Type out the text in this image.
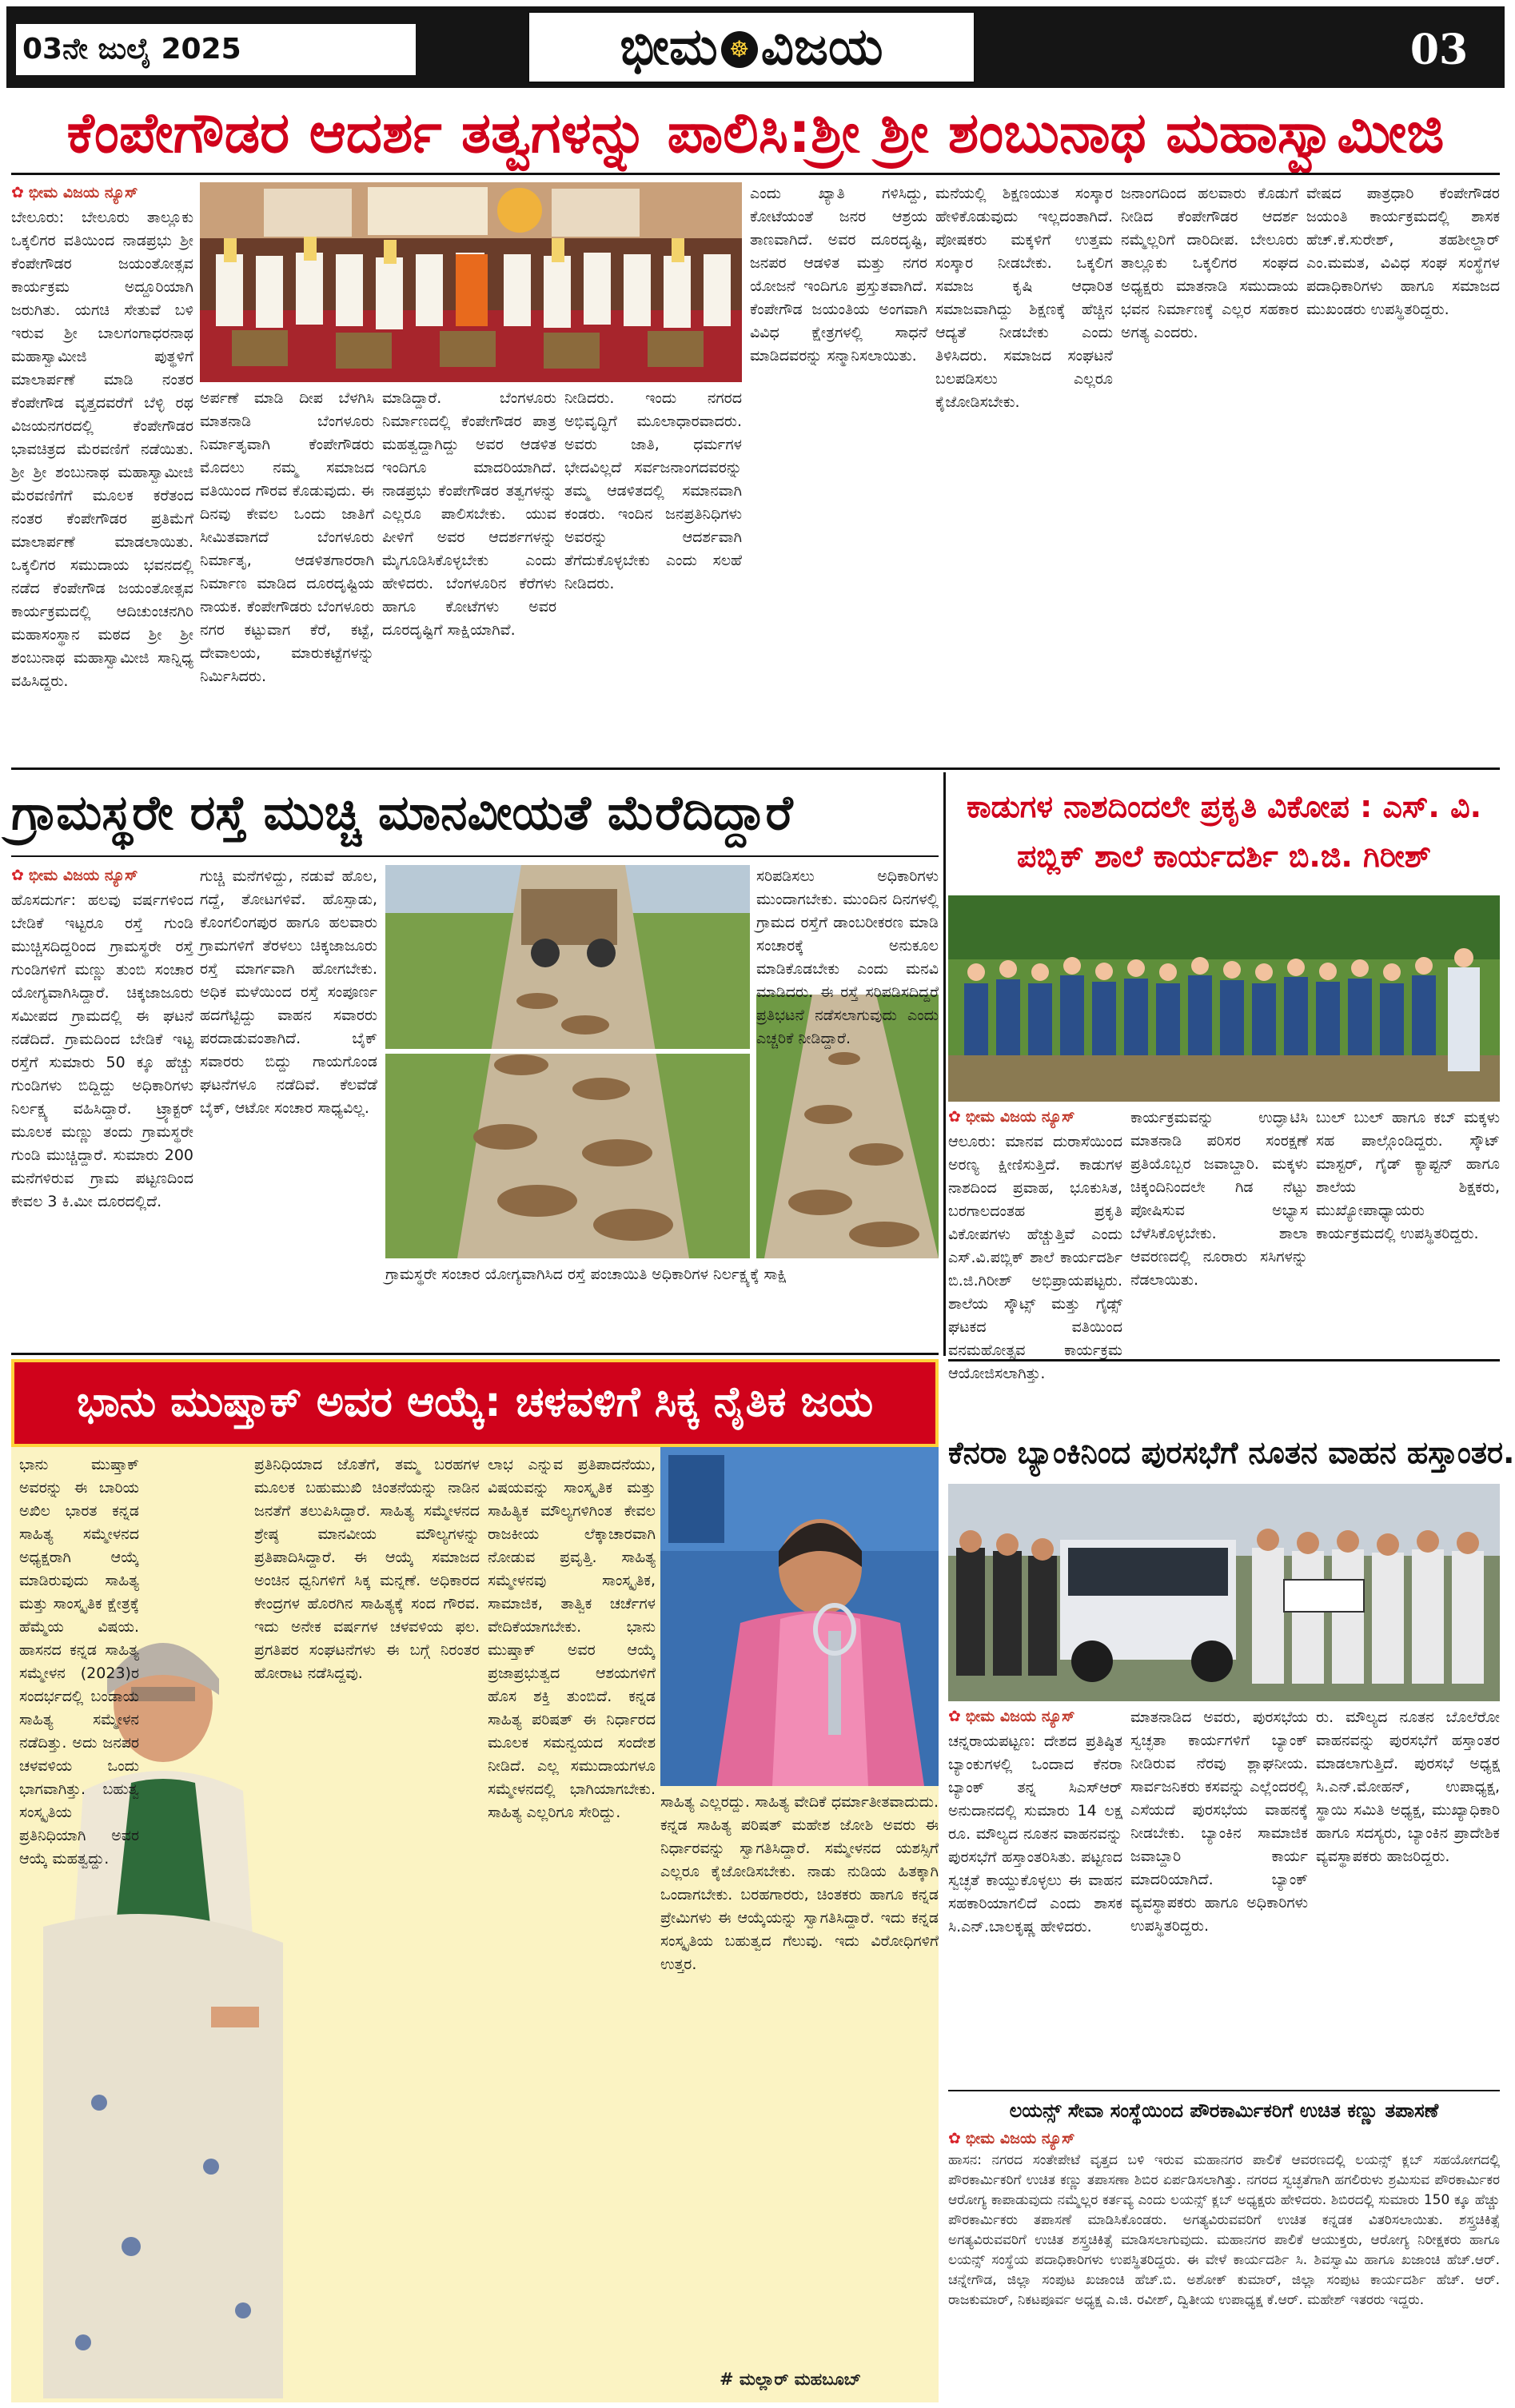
03ನೇ ಜುಲೈ 2025	ಭೀಮ ☸ ವಿಜಯ	03
ಕೆಂಪೇಗೌಡರ ಆದರ್ಶ ತತ್ವಗಳನ್ನು ಪಾಲಿಸಿ:ಶ್ರೀ ಶ್ರೀ ಶಂಬುನಾಥ ಮಹಾಸ್ವಾಮೀಜಿ
✿ ಭೀಮ ವಿಜಯ ನ್ಯೂಸ್
ಬೇಲೂರು: ಬೇಲೂರು ತಾಲ್ಲೂಕು ಒಕ್ಕಲಿಗರ ವತಿಯಿಂದ ನಾಡಪ್ರಭು ಶ್ರೀ ಕೆಂಪೇಗೌಡರ ಜಯಂತೋತ್ಸವ ಕಾರ್ಯಕ್ರಮ ಅದ್ದೂರಿಯಾಗಿ ಜರುಗಿತು. ಯಗಚಿ ಸೇತುವೆ ಬಳಿ ಇರುವ ಶ್ರೀ ಬಾಲಗಂಗಾಧರನಾಥ ಮಹಾಸ್ವಾಮೀಜಿ ಪುತ್ಥಳಿಗೆ ಮಾಲಾರ್ಪಣೆ ಮಾಡಿ ನಂತರ ಕೆಂಪೇಗೌಡ ವೃತ್ತದವರೆಗೆ ಬೆಳ್ಳಿ ರಥ ವಿಜಯನಗರದಲ್ಲಿ ಕೆಂಪೇಗೌಡರ ಭಾವಚಿತ್ರದ ಮೆರವಣಿಗೆ ನಡೆಯಿತು. ಶ್ರೀ ಶ್ರೀ ಶಂಬುನಾಥ ಮಹಾಸ್ವಾಮೀಜಿ ಮೆರವಣಿಗೆಗೆ ಮೂಲಕ ಕರೆತಂದ ನಂತರ ಕೆಂಪೇಗೌಡರ ಪ್ರತಿಮೆಗೆ ಮಾಲಾರ್ಪಣೆ ಮಾಡಲಾಯಿತು. ಒಕ್ಕಲಿಗರ ಸಮುದಾಯ ಭವನದಲ್ಲಿ ನಡೆದ ಕೆಂಪೇಗೌಡ ಜಯಂತೋತ್ಸವ ಕಾರ್ಯಕ್ರಮದಲ್ಲಿ ಆದಿಚುಂಚನಗಿರಿ ಮಹಾಸಂಸ್ಥಾನ ಮಠದ ಶ್ರೀ ಶ್ರೀ ಶಂಬುನಾಥ ಮಹಾಸ್ವಾಮೀಜಿ ಸಾನ್ನಿಧ್ಯ ವಹಿಸಿದ್ದರು.
ಅರ್ಪಣೆ ಮಾಡಿ ದೀಪ ಬೆಳಗಿಸಿ ಮಾತನಾಡಿ ಬೆಂಗಳೂರು ನಿರ್ಮಾತೃವಾಗಿ ಕೆಂಪೇಗೌಡರು ಮೊದಲು ನಮ್ಮ ಸಮಾಜದ ವತಿಯಿಂದ ಗೌರವ ಕೊಡುವುದು. ಈ ದಿನವು ಕೇವಲ ಒಂದು ಜಾತಿಗೆ ಸೀಮಿತವಾಗದೆ ಬೆಂಗಳೂರು ನಿರ್ಮಾತೃ, ಆಡಳಿತಗಾರರಾಗಿ ನಿರ್ಮಾಣ ಮಾಡಿದ ದೂರದೃಷ್ಟಿಯ ನಾಯಕ. ಕೆಂಪೇಗೌಡರು ಬೆಂಗಳೂರು ನಗರ ಕಟ್ಟುವಾಗ ಕೆರೆ, ಕಟ್ಟೆ, ದೇವಾಲಯ, ಮಾರುಕಟ್ಟೆಗಳನ್ನು ನಿರ್ಮಿಸಿದರು.
ಮಾಡಿದ್ದಾರೆ. ಬೆಂಗಳೂರು ನಿರ್ಮಾಣದಲ್ಲಿ ಕೆಂಪೇಗೌಡರ ಪಾತ್ರ ಮಹತ್ವದ್ದಾಗಿದ್ದು ಅವರ ಆಡಳಿತ ಇಂದಿಗೂ ಮಾದರಿಯಾಗಿದೆ. ನಾಡಪ್ರಭು ಕೆಂಪೇಗೌಡರ ತತ್ವಗಳನ್ನು ಎಲ್ಲರೂ ಪಾಲಿಸಬೇಕು. ಯುವ ಪೀಳಿಗೆ ಅವರ ಆದರ್ಶಗಳನ್ನು ಮೈಗೂಡಿಸಿಕೊಳ್ಳಬೇಕು ಎಂದು ಹೇಳಿದರು. ಬೆಂಗಳೂರಿನ ಕೆರೆಗಳು ಹಾಗೂ ಕೋಟೆಗಳು ಅವರ ದೂರದೃಷ್ಟಿಗೆ ಸಾಕ್ಷಿಯಾಗಿವೆ.
ನೀಡಿದರು. ಇಂದು ನಗರದ ಅಭಿವೃದ್ಧಿಗೆ ಮೂಲಾಧಾರವಾದರು. ಅವರು ಜಾತಿ, ಧರ್ಮಗಳ ಭೇದವಿಲ್ಲದೆ ಸರ್ವಜನಾಂಗದವರನ್ನು ತಮ್ಮ ಆಡಳಿತದಲ್ಲಿ ಸಮಾನವಾಗಿ ಕಂಡರು. ಇಂದಿನ ಜನಪ್ರತಿನಿಧಿಗಳು ಅವರನ್ನು ಆದರ್ಶವಾಗಿ ತೆಗೆದುಕೊಳ್ಳಬೇಕು ಎಂದು ಸಲಹೆ ನೀಡಿದರು.
ಎಂದು ಖ್ಯಾತಿ ಗಳಿಸಿದ್ದು, ಕೋಟೆಯಂತೆ ಜನರ ಆಶ್ರಯ ತಾಣವಾಗಿದೆ. ಅವರ ದೂರದೃಷ್ಟಿ, ಜನಪರ ಆಡಳಿತ ಮತ್ತು ನಗರ ಯೋಜನೆ ಇಂದಿಗೂ ಪ್ರಸ್ತುತವಾಗಿದೆ. ಕೆಂಪೇಗೌಡ ಜಯಂತಿಯ ಅಂಗವಾಗಿ ವಿವಿಧ ಕ್ಷೇತ್ರಗಳಲ್ಲಿ ಸಾಧನೆ ಮಾಡಿದವರನ್ನು ಸನ್ಮಾನಿಸಲಾಯಿತು.
ಮನೆಯಲ್ಲಿ ಶಿಕ್ಷಣಯುತ ಸಂಸ್ಕಾರ ಹೇಳಿಕೊಡುವುದು ಇಲ್ಲದಂತಾಗಿದೆ. ಪೋಷಕರು ಮಕ್ಕಳಿಗೆ ಉತ್ತಮ ಸಂಸ್ಕಾರ ನೀಡಬೇಕು. ಒಕ್ಕಲಿಗ ಸಮಾಜ ಕೃಷಿ ಆಧಾರಿತ ಸಮಾಜವಾಗಿದ್ದು ಶಿಕ್ಷಣಕ್ಕೆ ಹೆಚ್ಚಿನ ಆದ್ಯತೆ ನೀಡಬೇಕು ಎಂದು ತಿಳಿಸಿದರು. ಸಮಾಜದ ಸಂಘಟನೆ ಬಲಪಡಿಸಲು ಎಲ್ಲರೂ ಕೈಜೋಡಿಸಬೇಕು.
ಜನಾಂಗದಿಂದ ಹಲವಾರು ಕೊಡುಗೆ ನೀಡಿದ ಕೆಂಪೇಗೌಡರ ಆದರ್ಶ ನಮ್ಮೆಲ್ಲರಿಗೆ ದಾರಿದೀಪ. ಬೇಲೂರು ತಾಲ್ಲೂಕು ಒಕ್ಕಲಿಗರ ಸಂಘದ ಅಧ್ಯಕ್ಷರು ಮಾತನಾಡಿ ಸಮುದಾಯ ಭವನ ನಿರ್ಮಾಣಕ್ಕೆ ಎಲ್ಲರ ಸಹಕಾರ ಅಗತ್ಯ ಎಂದರು.
ವೇಷದ ಪಾತ್ರಧಾರಿ ಕೆಂಪೇಗೌಡರ ಜಯಂತಿ ಕಾರ್ಯಕ್ರಮದಲ್ಲಿ ಶಾಸಕ ಹೆಚ್.ಕೆ.ಸುರೇಶ್, ತಹಶೀಲ್ದಾರ್ ಎಂ.ಮಮತ, ವಿವಿಧ ಸಂಘ ಸಂಸ್ಥೆಗಳ ಪದಾಧಿಕಾರಿಗಳು ಹಾಗೂ ಸಮಾಜದ ಮುಖಂಡರು ಉಪಸ್ಥಿತರಿದ್ದರು.
ಗ್ರಾಮಸ್ಥರೇ ರಸ್ತೆ ಮುಚ್ಚಿ ಮಾನವೀಯತೆ ಮೆರೆದಿದ್ದಾರೆ
✿ ಭೀಮ ವಿಜಯ ನ್ಯೂಸ್
ಹೊಸದುರ್ಗ: ಹಲವು ವರ್ಷಗಳಿಂದ ಬೇಡಿಕೆ ಇಟ್ಟರೂ ರಸ್ತೆ ಗುಂಡಿ ಮುಚ್ಚಿಸದಿದ್ದರಿಂದ ಗ್ರಾಮಸ್ಥರೇ ರಸ್ತೆ ಗುಂಡಿಗಳಿಗೆ ಮಣ್ಣು ತುಂಬಿ ಸಂಚಾರ ಯೋಗ್ಯವಾಗಿಸಿದ್ದಾರೆ. ಚಿಕ್ಕಜಾಜೂರು ಸಮೀಪದ ಗ್ರಾಮದಲ್ಲಿ ಈ ಘಟನೆ ನಡೆದಿದೆ. ಗ್ರಾಮದಿಂದ ಬೇಡಿಕೆ ಇಟ್ಟ ರಸ್ತೆಗೆ ಸುಮಾರು 50 ಕ್ಕೂ ಹೆಚ್ಚು ಗುಂಡಿಗಳು ಬಿದ್ದಿದ್ದು ಅಧಿಕಾರಿಗಳು ನಿರ್ಲಕ್ಷ್ಯ ವಹಿಸಿದ್ದಾರೆ. ಟ್ರ್ಯಾಕ್ಟರ್ ಮೂಲಕ ಮಣ್ಣು ತಂದು ಗ್ರಾಮಸ್ಥರೇ ಗುಂಡಿ ಮುಚ್ಚಿದ್ದಾರೆ. ಸುಮಾರು 200 ಮನೆಗಳಿರುವ ಗ್ರಾಮ ಪಟ್ಟಣದಿಂದ ಕೇವಲ 3 ಕಿ.ಮೀ ದೂರದಲ್ಲಿದೆ.
ಗುಚ್ಚಿ ಮನೆಗಳಿದ್ದು, ನಡುವೆ ಹೊಲ, ಗದ್ದೆ, ತೋಟಗಳಿವೆ. ಹೊಸ್ಪಾಡು, ಕೊಂಗಲಿಂಗಪುರ ಹಾಗೂ ಹಲವಾರು ಗ್ರಾಮಗಳಿಗೆ ತೆರಳಲು ಚಿಕ್ಕಜಾಜೂರು ರಸ್ತೆ ಮಾರ್ಗವಾಗಿ ಹೋಗಬೇಕು. ಅಧಿಕ ಮಳೆಯಿಂದ ರಸ್ತೆ ಸಂಪೂರ್ಣ ಹದಗೆಟ್ಟಿದ್ದು ವಾಹನ ಸವಾರರು ಪರದಾಡುವಂತಾಗಿದೆ. ಬೈಕ್ ಸವಾರರು ಬಿದ್ದು ಗಾಯಗೊಂಡ ಘಟನೆಗಳೂ ನಡೆದಿವೆ. ಕೆಲವೆಡೆ ಬೈಕ್, ಆಟೋ ಸಂಚಾರ ಸಾಧ್ಯವಿಲ್ಲ.
ಸರಿಪಡಿಸಲು ಅಧಿಕಾರಿಗಳು ಮುಂದಾಗಬೇಕು. ಮುಂದಿನ ದಿನಗಳಲ್ಲಿ ಗ್ರಾಮದ ರಸ್ತೆಗೆ ಡಾಂಬರೀಕರಣ ಮಾಡಿ ಸಂಚಾರಕ್ಕೆ ಅನುಕೂಲ ಮಾಡಿಕೊಡಬೇಕು ಎಂದು ಮನವಿ ಮಾಡಿದರು. ಈ ರಸ್ತೆ ಸರಿಪಡಿಸದಿದ್ದರೆ ಪ್ರತಿಭಟನೆ ನಡೆಸಲಾಗುವುದು ಎಂದು ಎಚ್ಚರಿಕೆ ನೀಡಿದ್ದಾರೆ.
ಗ್ರಾಮಸ್ಥರೇ ಸಂಚಾರ ಯೋಗ್ಯವಾಗಿಸಿದ ರಸ್ತೆ ಪಂಚಾಯಿತಿ ಅಧಿಕಾರಿಗಳ ನಿರ್ಲಕ್ಷ್ಯಕ್ಕೆ ಸಾಕ್ಷಿ
ಕಾಡುಗಳ ನಾಶದಿಂದಲೇ ಪ್ರಕೃತಿ ವಿಕೋಪ : ಎಸ್. ವಿ. ಪಬ್ಲಿಕ್ ಶಾಲೆ ಕಾರ್ಯದರ್ಶಿ ಬಿ.ಜಿ. ಗಿರೀಶ್
✿ ಭೀಮ ವಿಜಯ ನ್ಯೂಸ್
ಆಲೂರು: ಮಾನವ ದುರಾಸೆಯಿಂದ ಅರಣ್ಯ ಕ್ಷೀಣಿಸುತ್ತಿದೆ. ಕಾಡುಗಳ ನಾಶದಿಂದ ಪ್ರವಾಹ, ಭೂಕುಸಿತ, ಬರಗಾಲದಂತಹ ಪ್ರಕೃತಿ ವಿಕೋಪಗಳು ಹೆಚ್ಚುತ್ತಿವೆ ಎಂದು ಎಸ್.ವಿ.ಪಬ್ಲಿಕ್ ಶಾಲೆ ಕಾರ್ಯದರ್ಶಿ ಬಿ.ಜಿ.ಗಿರೀಶ್ ಅಭಿಪ್ರಾಯಪಟ್ಟರು. ಶಾಲೆಯ ಸ್ಕೌಟ್ಸ್ ಮತ್ತು ಗೈಡ್ಸ್ ಘಟಕದ ವತಿಯಿಂದ ವನಮಹೋತ್ಸವ ಕಾರ್ಯಕ್ರಮ ಆಯೋಜಿಸಲಾಗಿತ್ತು.
ಕಾರ್ಯಕ್ರಮವನ್ನು ಉದ್ಘಾಟಿಸಿ ಮಾತನಾಡಿ ಪರಿಸರ ಸಂರಕ್ಷಣೆ ಪ್ರತಿಯೊಬ್ಬರ ಜವಾಬ್ದಾರಿ. ಮಕ್ಕಳು ಚಿಕ್ಕಂದಿನಿಂದಲೇ ಗಿಡ ನೆಟ್ಟು ಪೋಷಿಸುವ ಅಭ್ಯಾಸ ಬೆಳೆಸಿಕೊಳ್ಳಬೇಕು. ಶಾಲಾ ಆವರಣದಲ್ಲಿ ನೂರಾರು ಸಸಿಗಳನ್ನು ನೆಡಲಾಯಿತು.
ಬುಲ್ ಬುಲ್ ಹಾಗೂ ಕಬ್ ಮಕ್ಕಳು ಸಹ ಪಾಲ್ಗೊಂಡಿದ್ದರು. ಸ್ಕೌಟ್ ಮಾಸ್ಟರ್, ಗೈಡ್ ಕ್ಯಾಪ್ಟನ್ ಹಾಗೂ ಶಾಲೆಯ ಶಿಕ್ಷಕರು, ಮುಖ್ಯೋಪಾಧ್ಯಾಯರು ಕಾರ್ಯಕ್ರಮದಲ್ಲಿ ಉಪಸ್ಥಿತರಿದ್ದರು.
ಭಾನು ಮುಷ್ತಾಕ್ ಅವರ ಆಯ್ಕೆ: ಚಳವಳಿಗೆ ಸಿಕ್ಕ ನೈತಿಕ ಜಯ
ಭಾನು ಮುಷ್ತಾಕ್ ಅವರನ್ನು ಈ ಬಾರಿಯ ಅಖಿಲ ಭಾರತ ಕನ್ನಡ ಸಾಹಿತ್ಯ ಸಮ್ಮೇಳನದ ಅಧ್ಯಕ್ಷರಾಗಿ ಆಯ್ಕೆ ಮಾಡಿರುವುದು ಸಾಹಿತ್ಯ ಮತ್ತು ಸಾಂಸ್ಕೃತಿಕ ಕ್ಷೇತ್ರಕ್ಕೆ ಹೆಮ್ಮೆಯ ವಿಷಯ. ಹಾಸನದ ಕನ್ನಡ ಸಾಹಿತ್ಯ ಸಮ್ಮೇಳನ (2023)ರ ಸಂದರ್ಭದಲ್ಲಿ ಬಂಡಾಯ ಸಾಹಿತ್ಯ ಸಮ್ಮೇಳನ ನಡೆದಿತ್ತು. ಅದು ಜನಪರ ಚಳವಳಿಯ ಒಂದು ಭಾಗವಾಗಿತ್ತು. ಬಹುತ್ವ ಸಂಸ್ಕೃತಿಯ ಪ್ರತಿನಿಧಿಯಾಗಿ ಅವರ ಆಯ್ಕೆ ಮಹತ್ವದ್ದು.
ಪ್ರತಿನಿಧಿಯಾದ ಜೊತೆಗೆ, ತಮ್ಮ ಬರಹಗಳ ಮೂಲಕ ಬಹುಮುಖಿ ಚಿಂತನೆಯನ್ನು ನಾಡಿನ ಜನತೆಗೆ ತಲುಪಿಸಿದ್ದಾರೆ. ಸಾಹಿತ್ಯ ಸಮ್ಮೇಳನದ ಶ್ರೇಷ್ಠ ಮಾನವೀಯ ಮೌಲ್ಯಗಳನ್ನು ಪ್ರತಿಪಾದಿಸಿದ್ದಾರೆ. ಈ ಆಯ್ಕೆ ಸಮಾಜದ ಅಂಚಿನ ಧ್ವನಿಗಳಿಗೆ ಸಿಕ್ಕ ಮನ್ನಣೆ. ಅಧಿಕಾರದ ಕೇಂದ್ರಗಳ ಹೊರಗಿನ ಸಾಹಿತ್ಯಕ್ಕೆ ಸಂದ ಗೌರವ. ಇದು ಅನೇಕ ವರ್ಷಗಳ ಚಳವಳಿಯ ಫಲ. ಪ್ರಗತಿಪರ ಸಂಘಟನೆಗಳು ಈ ಬಗ್ಗೆ ನಿರಂತರ ಹೋರಾಟ ನಡೆಸಿದ್ದವು.
ಲಾಭ ಎನ್ನುವ ಪ್ರತಿಪಾದನೆಯು, ವಿಷಯವನ್ನು ಸಾಂಸ್ಕೃತಿಕ ಮತ್ತು ಸಾಹಿತ್ಯಿಕ ಮೌಲ್ಯಗಳಿಗಿಂತ ಕೇವಲ ರಾಜಕೀಯ ಲೆಕ್ಕಾಚಾರವಾಗಿ ನೋಡುವ ಪ್ರವೃತ್ತಿ. ಸಾಹಿತ್ಯ ಸಮ್ಮೇಳನವು ಸಾಂಸ್ಕೃತಿಕ, ಸಾಮಾಜಿಕ, ತಾತ್ವಿಕ ಚರ್ಚೆಗಳ ವೇದಿಕೆಯಾಗಬೇಕು. ಭಾನು ಮುಷ್ತಾಕ್ ಅವರ ಆಯ್ಕೆ ಪ್ರಜಾಪ್ರಭುತ್ವದ ಆಶಯಗಳಿಗೆ ಹೊಸ ಶಕ್ತಿ ತುಂಬಿದೆ. ಕನ್ನಡ ಸಾಹಿತ್ಯ ಪರಿಷತ್ ಈ ನಿರ್ಧಾರದ ಮೂಲಕ ಸಮನ್ವಯದ ಸಂದೇಶ ನೀಡಿದೆ. ಎಲ್ಲ ಸಮುದಾಯಗಳೂ ಸಮ್ಮೇಳನದಲ್ಲಿ ಭಾಗಿಯಾಗಬೇಕು. ಸಾಹಿತ್ಯ ಎಲ್ಲರಿಗೂ ಸೇರಿದ್ದು.
ಸಾಹಿತ್ಯ ಎಲ್ಲರದ್ದು. ಸಾಹಿತ್ಯ ವೇದಿಕೆ ಧರ್ಮಾತೀತವಾದುದು. ಕನ್ನಡ ಸಾಹಿತ್ಯ ಪರಿಷತ್ ಮಹೇಶ ಜೋಶಿ ಅವರು ಈ ನಿರ್ಧಾರವನ್ನು ಸ್ವಾಗತಿಸಿದ್ದಾರೆ. ಸಮ್ಮೇಳನದ ಯಶಸ್ಸಿಗೆ ಎಲ್ಲರೂ ಕೈಜೋಡಿಸಬೇಕು. ನಾಡು ನುಡಿಯ ಹಿತಕ್ಕಾಗಿ ಒಂದಾಗಬೇಕು. ಬರಹಗಾರರು, ಚಿಂತಕರು ಹಾಗೂ ಕನ್ನಡ ಪ್ರೇಮಿಗಳು ಈ ಆಯ್ಕೆಯನ್ನು ಸ್ವಾಗತಿಸಿದ್ದಾರೆ. ಇದು ಕನ್ನಡ ಸಂಸ್ಕೃತಿಯ ಬಹುತ್ವದ ಗೆಲುವು. ಇದು ವಿರೋಧಿಗಳಿಗೆ ಉತ್ತರ.
# ಮಲ್ಲಾರ್ ಮಹಬೂಬ್
ಕೆನರಾ ಬ್ಯಾಂಕಿನಿಂದ ಪುರಸಭೆಗೆ ನೂತನ ವಾಹನ ಹಸ್ತಾಂತರ.
✿ ಭೀಮ ವಿಜಯ ನ್ಯೂಸ್
ಚನ್ನರಾಯಪಟ್ಟಣ: ದೇಶದ ಪ್ರತಿಷ್ಠಿತ ಬ್ಯಾಂಕುಗಳಲ್ಲಿ ಒಂದಾದ ಕೆನರಾ ಬ್ಯಾಂಕ್ ತನ್ನ ಸಿಎಸ್ಆರ್ ಅನುದಾನದಲ್ಲಿ ಸುಮಾರು 14 ಲಕ್ಷ ರೂ. ಮೌಲ್ಯದ ನೂತನ ವಾಹನವನ್ನು ಪುರಸಭೆಗೆ ಹಸ್ತಾಂತರಿಸಿತು. ಪಟ್ಟಣದ ಸ್ವಚ್ಛತೆ ಕಾಯ್ದುಕೊಳ್ಳಲು ಈ ವಾಹನ ಸಹಕಾರಿಯಾಗಲಿದೆ ಎಂದು ಶಾಸಕ ಸಿ.ಎನ್.ಬಾಲಕೃಷ್ಣ ಹೇಳಿದರು.
ಮಾತನಾಡಿದ ಅವರು, ಪುರಸಭೆಯ ಸ್ವಚ್ಛತಾ ಕಾರ್ಯಗಳಿಗೆ ಬ್ಯಾಂಕ್ ನೀಡಿರುವ ನೆರವು ಶ್ಲಾಘನೀಯ. ಸಾರ್ವಜನಿಕರು ಕಸವನ್ನು ಎಲ್ಲೆಂದರಲ್ಲಿ ಎಸೆಯದೆ ಪುರಸಭೆಯ ವಾಹನಕ್ಕೆ ನೀಡಬೇಕು. ಬ್ಯಾಂಕಿನ ಸಾಮಾಜಿಕ ಜವಾಬ್ದಾರಿ ಕಾರ್ಯ ಮಾದರಿಯಾಗಿದೆ. ಬ್ಯಾಂಕ್ ವ್ಯವಸ್ಥಾಪಕರು ಹಾಗೂ ಅಧಿಕಾರಿಗಳು ಉಪಸ್ಥಿತರಿದ್ದರು.
ರು. ಮೌಲ್ಯದ ನೂತನ ಬೊಲೆರೋ ವಾಹನವನ್ನು ಪುರಸಭೆಗೆ ಹಸ್ತಾಂತರ ಮಾಡಲಾಗುತ್ತಿದೆ. ಪುರಸಭೆ ಅಧ್ಯಕ್ಷ ಸಿ.ಎನ್.ಮೋಹನ್, ಉಪಾಧ್ಯಕ್ಷ, ಸ್ಥಾಯಿ ಸಮಿತಿ ಅಧ್ಯಕ್ಷ, ಮುಖ್ಯಾಧಿಕಾರಿ ಹಾಗೂ ಸದಸ್ಯರು, ಬ್ಯಾಂಕಿನ ಪ್ರಾದೇಶಿಕ ವ್ಯವಸ್ಥಾಪಕರು ಹಾಜರಿದ್ದರು.
ಲಯನ್ಸ್ ಸೇವಾ ಸಂಸ್ಥೆಯಿಂದ ಪೌರಕಾರ್ಮಿಕರಿಗೆ ಉಚಿತ ಕಣ್ಣು ತಪಾಸಣೆ
✿ ಭೀಮ ವಿಜಯ ನ್ಯೂಸ್
ಹಾಸನ: ನಗರದ ಸಂತೇಪೇಟೆ ವೃತ್ತದ ಬಳಿ ಇರುವ ಮಹಾನಗರ ಪಾಲಿಕೆ ಆವರಣದಲ್ಲಿ ಲಯನ್ಸ್ ಕ್ಲಬ್ ಸಹಯೋಗದಲ್ಲಿ ಪೌರಕಾರ್ಮಿಕರಿಗೆ ಉಚಿತ ಕಣ್ಣು ತಪಾಸಣಾ ಶಿಬಿರ ಏರ್ಪಡಿಸಲಾಗಿತ್ತು. ನಗರದ ಸ್ವಚ್ಛತೆಗಾಗಿ ಹಗಲಿರುಳು ಶ್ರಮಿಸುವ ಪೌರಕಾರ್ಮಿಕರ ಆರೋಗ್ಯ ಕಾಪಾಡುವುದು ನಮ್ಮೆಲ್ಲರ ಕರ್ತವ್ಯ ಎಂದು ಲಯನ್ಸ್ ಕ್ಲಬ್ ಅಧ್ಯಕ್ಷರು ಹೇಳಿದರು. ಶಿಬಿರದಲ್ಲಿ ಸುಮಾರು 150 ಕ್ಕೂ ಹೆಚ್ಚು ಪೌರಕಾರ್ಮಿಕರು ತಪಾಸಣೆ ಮಾಡಿಸಿಕೊಂಡರು. ಅಗತ್ಯವಿರುವವರಿಗೆ ಉಚಿತ ಕನ್ನಡಕ ವಿತರಿಸಲಾಯಿತು. ಶಸ್ತ್ರಚಿಕಿತ್ಸೆ ಅಗತ್ಯವಿರುವವರಿಗೆ ಉಚಿತ ಶಸ್ತ್ರಚಿಕಿತ್ಸೆ ಮಾಡಿಸಲಾಗುವುದು. ಮಹಾನಗರ ಪಾಲಿಕೆ ಆಯುಕ್ತರು, ಆರೋಗ್ಯ ನಿರೀಕ್ಷಕರು ಹಾಗೂ ಲಯನ್ಸ್ ಸಂಸ್ಥೆಯ ಪದಾಧಿಕಾರಿಗಳು ಉಪಸ್ಥಿತರಿದ್ದರು. ಈ ವೇಳೆ ಕಾರ್ಯದರ್ಶಿ ಸಿ. ಶಿವಸ್ವಾಮಿ ಹಾಗೂ ಖಜಾಂಚಿ ಹೆಚ್.ಆರ್. ಚನ್ನೇಗೌಡ, ಜಿಲ್ಲಾ ಸಂಪುಟ ಖಜಾಂಚಿ ಹೆಚ್.ಬಿ. ಅಶೋಕ್ ಕುಮಾರ್, ಜಿಲ್ಲಾ ಸಂಪುಟ ಕಾರ್ಯದರ್ಶಿ ಹೆಚ್. ಆರ್. ರಾಜಕುಮಾರ್, ನಿಕಟಪೂರ್ವ ಅಧ್ಯಕ್ಷ ಎ.ಜಿ. ರವೀಶ್, ದ್ವಿತೀಯ ಉಪಾಧ್ಯಕ್ಷ ಕೆ.ಆರ್. ಮಹೇಶ್ ಇತರರು ಇದ್ದರು.
